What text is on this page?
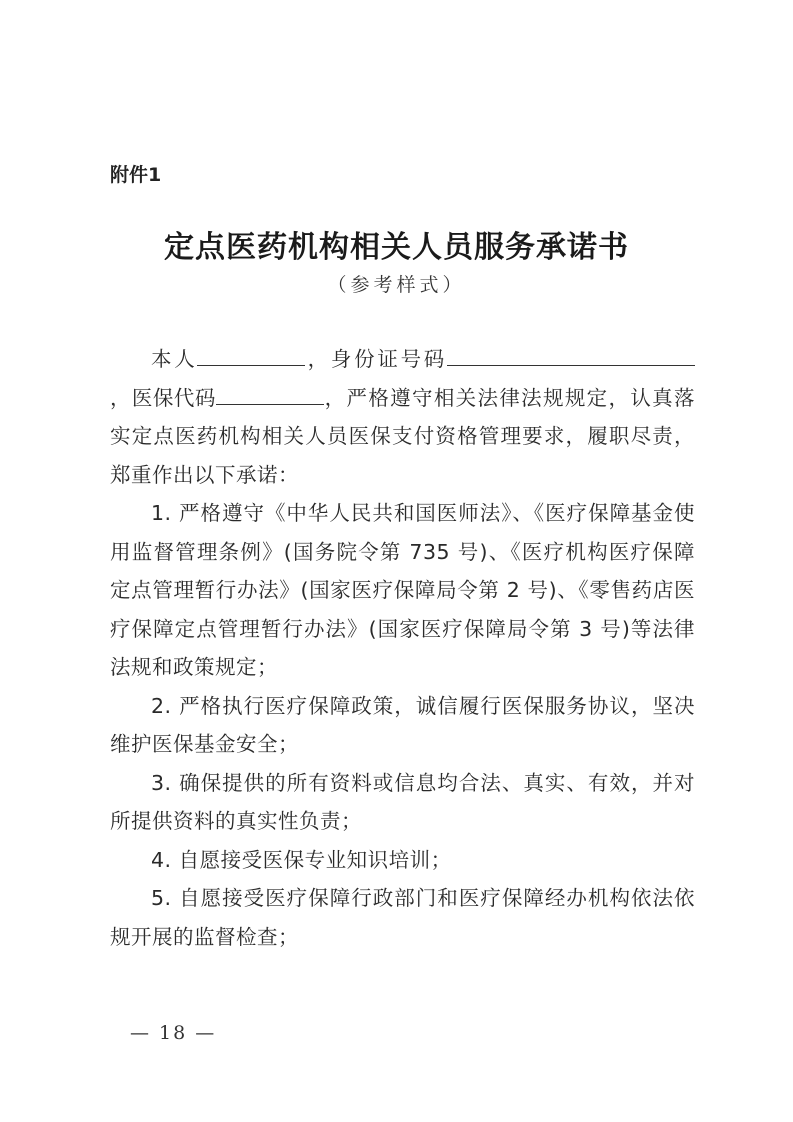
附件1
定点医药机构相关人员服务承诺书
（参考样式）

本人	，身份证号码，医保代码	，严格遵守相关法律法规规定，认真落实定点医药机构相关人员医保支付资格管理要求，履职尽责，郑重作出以下承诺：

1. 严格遵守《中华人民共和国医师法》、《医疗保障基金使用监督管理条例》(国务院令第 735 号)、《医疗机构医疗保障定点管理暂行办法》(国家医疗保障局令第 2 号)、《零售药店医疗保障定点管理暂行办法》(国家医疗保障局令第 3 号)等法律法规和政策规定；

2. 严格执行医疗保障政策，诚信履行医保服务协议，坚决维护医保基金安全；

3. 确保提供的所有资料或信息均合法、真实、有效，并对所提供资料的真实性负责；

4. 自愿接受医保专业知识培训；

5. 自愿接受医疗保障行政部门和医疗保障经办机构依法依规开展的监督检查；

— 18 —
